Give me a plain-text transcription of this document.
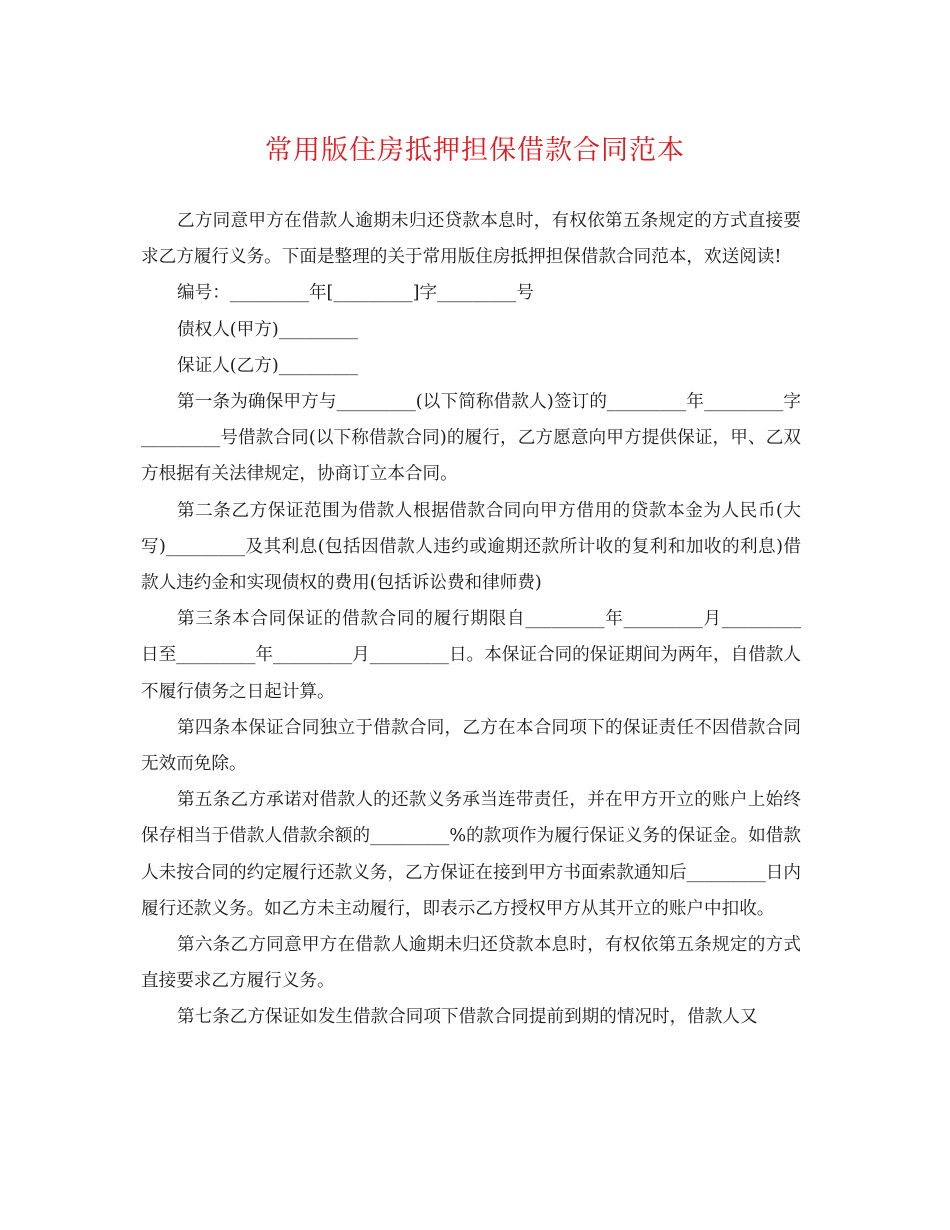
常用版住房抵押担保借款合同范本

乙方同意甲方在借款人逾期未归还贷款本息时，有权依第五条规定的方式直接要求乙方履行义务。下面是整理的关于常用版住房抵押担保借款合同范本，欢送阅读!

编号：_________年[_________]字_________号

债权人(甲方)_________

保证人(乙方)_________

第一条为确保甲方与_________(以下简称借款人)签订的_________年_________字_________号借款合同(以下称借款合同)的履行，乙方愿意向甲方提供保证，甲、乙双方根据有关法律规定，协商订立本合同。

第二条乙方保证范围为借款人根据借款合同向甲方借用的贷款本金为人民币(大写)_________及其利息(包括因借款人违约或逾期还款所计收的复利和加收的利息)借款人违约金和实现债权的费用(包括诉讼费和律师费)

第三条本合同保证的借款合同的履行期限自_________年_________月_________日至_________年_________月_________日。本保证合同的保证期间为两年，自借款人不履行债务之日起计算。

第四条本保证合同独立于借款合同，乙方在本合同项下的保证责任不因借款合同无效而免除。

第五条乙方承诺对借款人的还款义务承当连带责任，并在甲方开立的账户上始终保存相当于借款人借款余额的_________%的款项作为履行保证义务的保证金。如借款人未按合同的约定履行还款义务，乙方保证在接到甲方书面索款通知后_________日内履行还款义务。如乙方未主动履行，即表示乙方授权甲方从其开立的账户中扣收。

第六条乙方同意甲方在借款人逾期未归还贷款本息时，有权依第五条规定的方式直接要求乙方履行义务。

第七条乙方保证如发生借款合同项下借款合同提前到期的情况时，借款人又
